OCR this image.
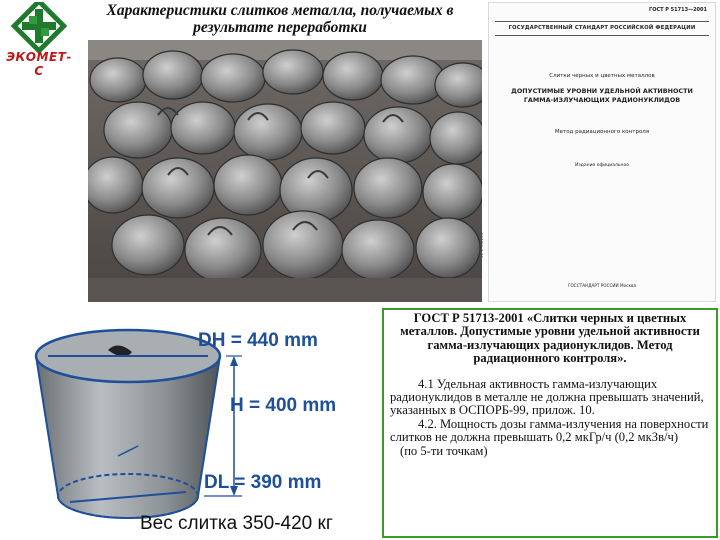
ЭКОМЕТ-С
Характеристики слитков металла, получаемых в результате переработки
ГОСТ Р 51713—2001
ГОСУДАРСТВЕННЫЙ СТАНДАРТ РОССИЙСКОЙ ФЕДЕРАЦИИ
Слитки черных и цветных металлов
ДОПУСТИМЫЕ УРОВНИ УДЕЛЬНОЙ АКТИВНОСТИ ГАММА-ИЗЛУЧАЮЩИХ РАДИОНУКЛИДОВ
Метод радиационного контроля
Издание официальное
51 1–96/198
ГОССТАНДАРТ РОССИИ Москва
DH = 440 mm
H = 400 mm
DL = 390 mm
Вес слитка 350-420 кг
ГОСТ Р 51713-2001 «Слитки черных и цветных металлов. Допустимые уровни удельной активности гамма-излучающих радионуклидов. Метод радиационного контроля».

4.1 Удельная активность гамма-излучающих радионуклидов в металле не должна превышать значений, указанных в ОСПОРБ-99, прилож. 10.

4.2. Мощность дозы гамма-излучения на поверхности слитков не должна превышать 0,2 мкГр/ч (0,2 мкЗв/ч)

(по 5-ти точкам)
